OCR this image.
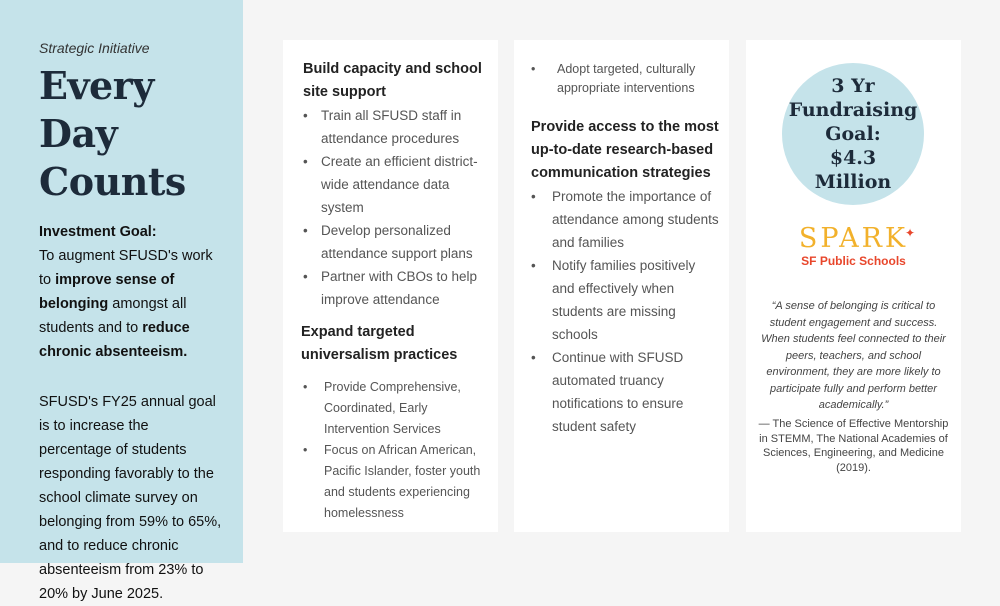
Strategic Initiative
Every Day
Counts
Investment Goal:
To augment SFUSD's work to improve sense of belonging amongst all students and to reduce chronic absenteeism.
SFUSD's FY25 annual goal is to increase the percentage of students responding favorably to the school climate survey on belonging from 59% to 65%, and to reduce chronic absenteeism from 23% to 20% by June 2025.
Build capacity and school site support
• Train all SFUSD staff in attendance procedures
• Create an efficient district-wide attendance data system
• Develop personalized attendance support plans
• Partner with CBOs to help improve attendance
Expand targeted universalism practices
• Provide Comprehensive, Coordinated, Early Intervention Services
• Focus on African American, Pacific Islander, foster youth and students experiencing homelessness
• Adopt targeted, culturally appropriate interventions
Provide access to the most up-to-date research-based communication strategies
• Promote the importance of attendance among students and families
• Notify families positively and effectively when students are missing schools
• Continue with SFUSD automated truancy notifications to ensure student safety
3 Yr
Fundraising
Goal:
$4.3 Million
SPARK
✦
SF Public Schools
“A sense of belonging is critical to student engagement and success. When students feel connected to their peers, teachers, and school environment, they are more likely to participate fully and perform better academically.”
— The Science of Effective Mentorship in STEMM, The National Academies of Sciences, Engineering, and Medicine (2019).
